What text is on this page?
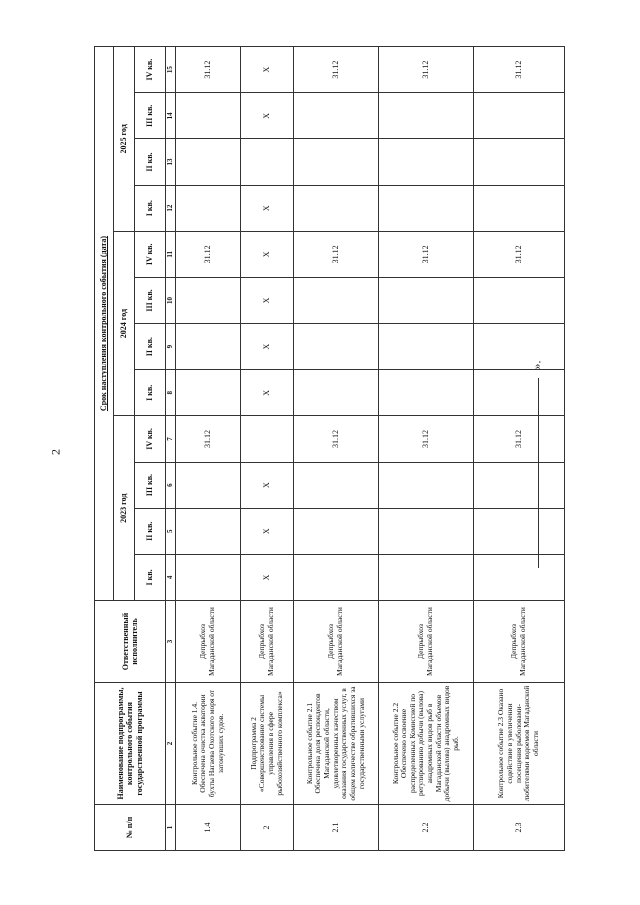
2
№ п/п	Наименование подпрограммы, контрольного события государственной программы	Ответственный исполнитель	Срок наступления контрольного события (дата)											
			2023 год				2024 год				2025 год			
			I кв.	II кв.	III кв.	IV кв.	I кв.	II кв.	III кв.	IV кв.	I кв.	II кв.	III кв.	IV кв.
1	2	3	4	5	6	7	8	9	10	11	12	13	14	15
1.4	Контрольное событие 1.4. Обеспечена очистка акватории бухты Нагаева Охотского моря от затонувших судов.	Депрыбхоз Магаданской области				31.12				31.12				31.12
2	Подпрограмма 2 «Совершенствование системы управления в сфере рыбохозяйственного комплекса»	Депрыбхоз Магаданской области	X	X	X		X	X	X	X	X		X	X
2.1	Контрольное событие 2.1 Обеспечена доля респондентов Магаданской области, удовлетворенных качеством оказания государственных услуг, в общем количестве обратившихся за государственными услугами	Депрыбхоз Магаданской области				31.12				31.12				31.12
2.2	Контрольное событие 2.2 Обеспечено освоение распределенных Комиссией по регулированию добычи (вылова) анадромных видов рыб в Магаданской области объемов добычи (вылова) анадромных видов рыб.	Депрыбхоз Магаданской области				31.12				31.12				31.12
2.3	Контрольное событие 2.3 Оказано содействие в увеличении посещения рыболовами-любителями водоемов Магаданской области	Депрыбхоз Магаданской области				31.12				31.12				31.12
».
